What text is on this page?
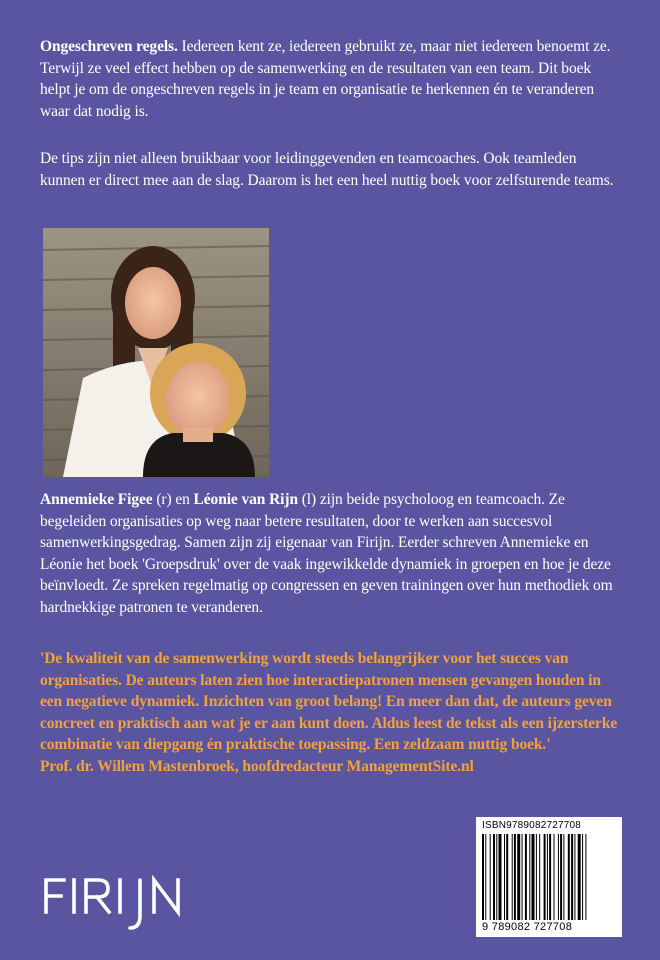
Ongeschreven regels. Iedereen kent ze, iedereen gebruikt ze, maar niet iedereen benoemt ze. Terwijl ze veel effect hebben op de samenwerking en de resultaten van een team. Dit boek helpt je om de ongeschreven regels in je team en organisatie te herkennen én te veranderen waar dat nodig is.

De tips zijn niet alleen bruikbaar voor leidinggevenden en teamcoaches. Ook teamleden kunnen er direct mee aan de slag. Daarom is het een heel nuttig boek voor zelfsturende teams.

Annemieke Figee (r) en Léonie van Rijn (l) zijn beide psycholoog en teamcoach. Ze begeleiden organisaties op weg naar betere resultaten, door te werken aan succesvol samenwerkingsgedrag. Samen zijn zij eigenaar van Firijn. Eerder schreven Annemieke en Léonie het boek 'Groepsdruk' over de vaak ingewikkelde dynamiek in groepen en hoe je deze beïnvloedt. Ze spreken regelmatig op congressen en geven trainingen over hun methodiek om hardnekkige patronen te veranderen.

'De kwaliteit van de samenwerking wordt steeds belangrijker voor het succes van organisaties. De auteurs laten zien hoe interactiepatronen mensen gevangen houden in een negatieve dynamiek. Inzichten van groot belang! En meer dan dat, de auteurs geven concreet en praktisch aan wat je er aan kunt doen. Aldus leest de tekst als een ijzersterke combinatie van diepgang én praktische toepassing. Een zeldzaam nuttig boek.'
Prof. dr. Willem Mastenbroek, hoofdredacteur ManagementSite.nl
ISBN9789082727708
9 789082 727708
